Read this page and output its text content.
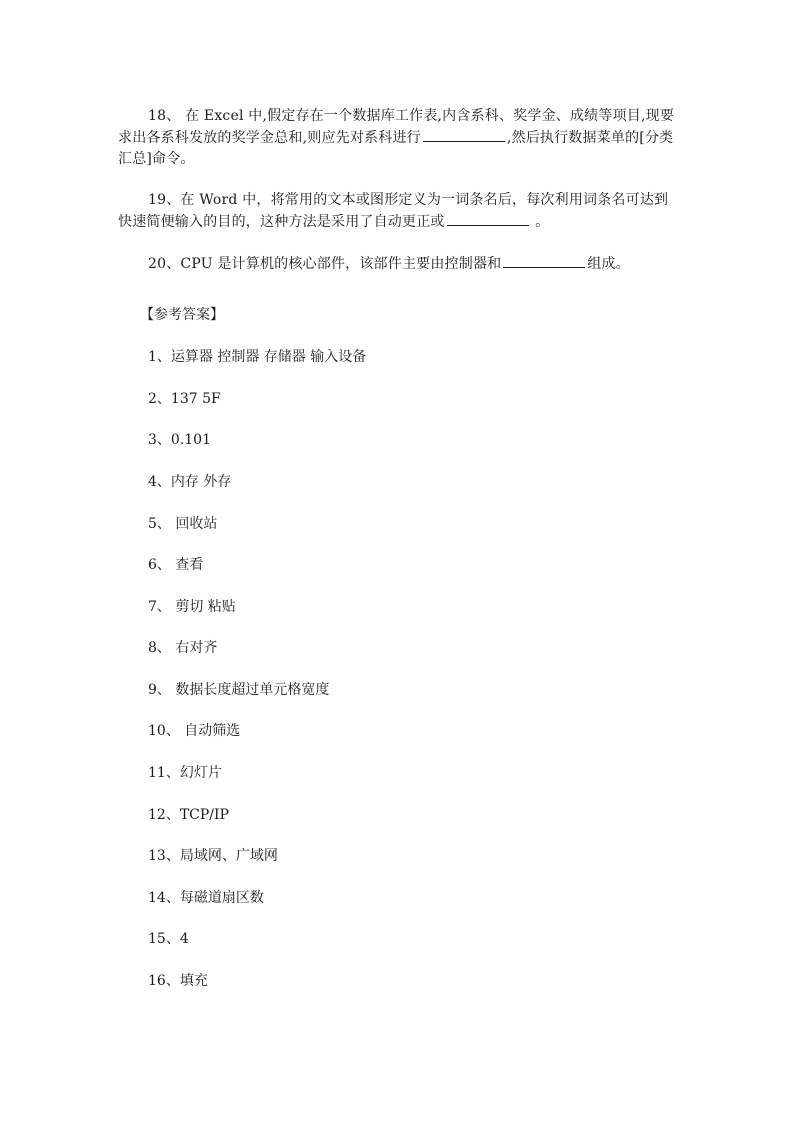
18、 在 Excel 中,假定存在一个数据库工作表,内含系科、奖学金、成绩等项目,现要求出各系科发放的奖学金总和,则应先对系科进行	,然后执行数据菜单的[分类汇总]命令。

19、在 Word 中，将常用的文本或图形定义为一词条名后，每次利用词条名可达到快速简便输入的目的，这种方法是采用了自动更正或	。

20、CPU 是计算机的核心部件，该部件主要由控制器和	组成。

【参考答案】
1、运算器 控制器 存储器 输入设备
2、137 5F
3、0.101
4、内存 外存
5、 回收站
6、 查看
7、 剪切 粘贴
8、 右对齐
9、 数据长度超过单元格宽度
10、 自动筛选
11、幻灯片
12、TCP/IP
13、局域网、广域网
14、每磁道扇区数
15、4
16、填充
